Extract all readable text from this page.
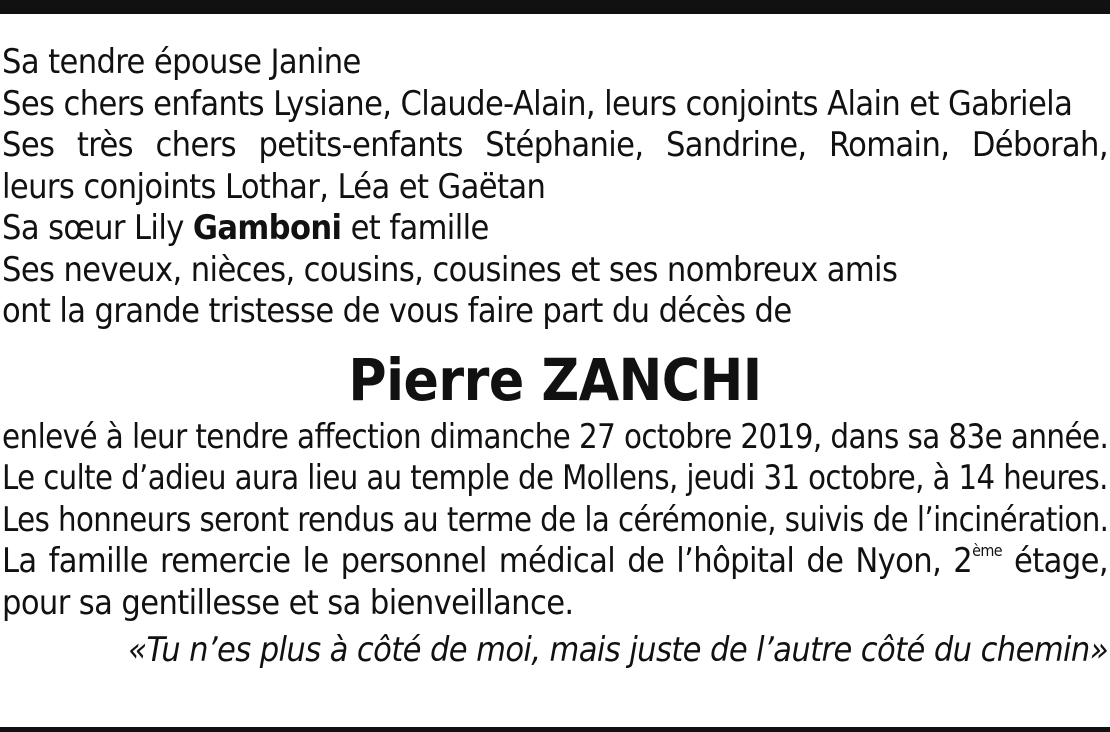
Sa tendre épouse Janine
Ses chers enfants Lysiane, Claude-Alain, leurs conjoints Alain et Gabriela
Ses très chers petits-enfants Stéphanie, Sandrine, Romain, Déborah,
leurs conjoints Lothar, Léa et Gaëtan
Sa sœur Lily Gamboni et famille
Ses neveux, nièces, cousins, cousines et ses nombreux amis
ont la grande tristesse de vous faire part du décès de
Pierre ZANCHI
enlevé à leur tendre affection dimanche 27 octobre 2019, dans sa 83e année.
Le culte d’adieu aura lieu au temple de Mollens, jeudi 31 octobre, à 14 heures.
Les honneurs seront rendus au terme de la cérémonie, suivis de l’incinération.
La famille remercie le personnel médical de l’hôpital de Nyon, 2ème étage,
pour sa gentillesse et sa bienveillance.
«Tu n’es plus à côté de moi, mais juste de l’autre côté du chemin»
